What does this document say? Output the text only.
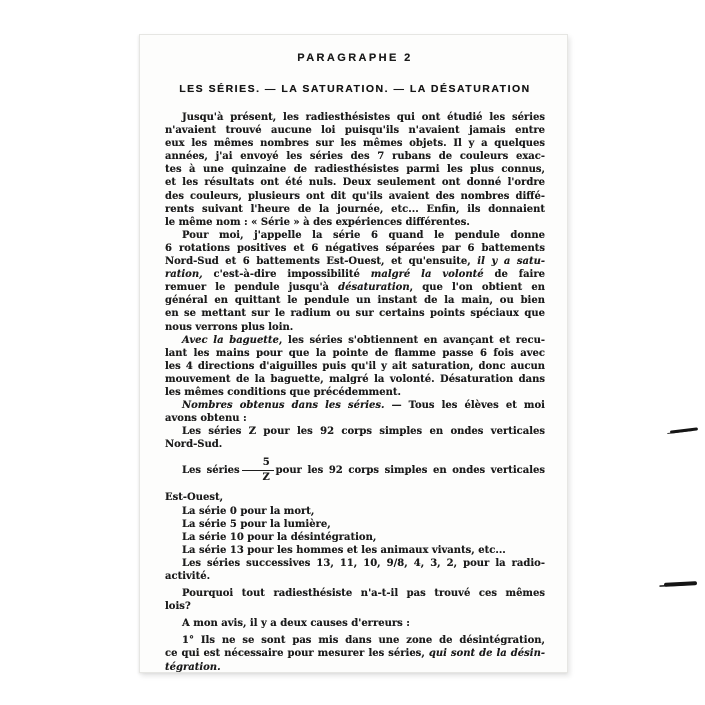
PARAGRAPHE 2
LES SÉRIES. — LA SATURATION. — LA DÉSATURATION
Jusqu'à présent, les radiesthésistes qui ont étudié les séries
n'avaient trouvé aucune loi puisqu'ils n'avaient jamais entre
eux les mêmes nombres sur les mêmes objets. Il y a quelques
années, j'ai envoyé les séries des 7 rubans de couleurs exac-
tes à une quinzaine de radiesthésistes parmi les plus connus,
et les résultats ont été nuls. Deux seulement ont donné l'ordre
des couleurs, plusieurs ont dit qu'ils avaient des nombres diffé-
rents suivant l'heure de la journée, etc... Enfin, ils donnaient
le même nom : « Série » à des expériences différentes.
Pour moi, j'appelle la série 6 quand le pendule donne
6 rotations positives et 6 négatives séparées par 6 battements
Nord-Sud et 6 battements Est-Ouest, et qu'ensuite, il y a satu-
ration, c'est-à-dire impossibilité malgré la volonté de faire
remuer le pendule jusqu'à désaturation, que l'on obtient en
général en quittant le pendule un instant de la main, ou bien
en se mettant sur le radium ou sur certains points spéciaux que
nous verrons plus loin.
Avec la baguette, les séries s'obtiennent en avançant et recu-
lant les mains pour que la pointe de flamme passe 6 fois avec
les 4 directions d'aiguilles puis qu'il y ait saturation, donc aucun
mouvement de la baguette, malgré la volonté. Désaturation dans
les mêmes conditions que précédemment.
Nombres obtenus dans les séries. — Tous les élèves et moi
avons obtenu :
Les séries Z pour les 92 corps simples en ondes verticales
Nord-Sud.
Les séries $\frac{5}{Z}$ pour les 92 corps simples en ondes verticales
Est-Ouest,
La série 0 pour la mort,
La série 5 pour la lumière,
La série 10 pour la désintégration,
La série 13 pour les hommes et les animaux vivants, etc...
Les séries successives 13, 11, 10, 9/8, 4, 3, 2, pour la radio-
activité.
Pourquoi tout radiesthésiste n'a-t-il pas trouvé ces mêmes
lois?
A mon avis, il y a deux causes d'erreurs :
1° Ils ne se sont pas mis dans une zone de désintégration,
ce qui est nécessaire pour mesurer les séries, qui sont de la désin-
tégration.
